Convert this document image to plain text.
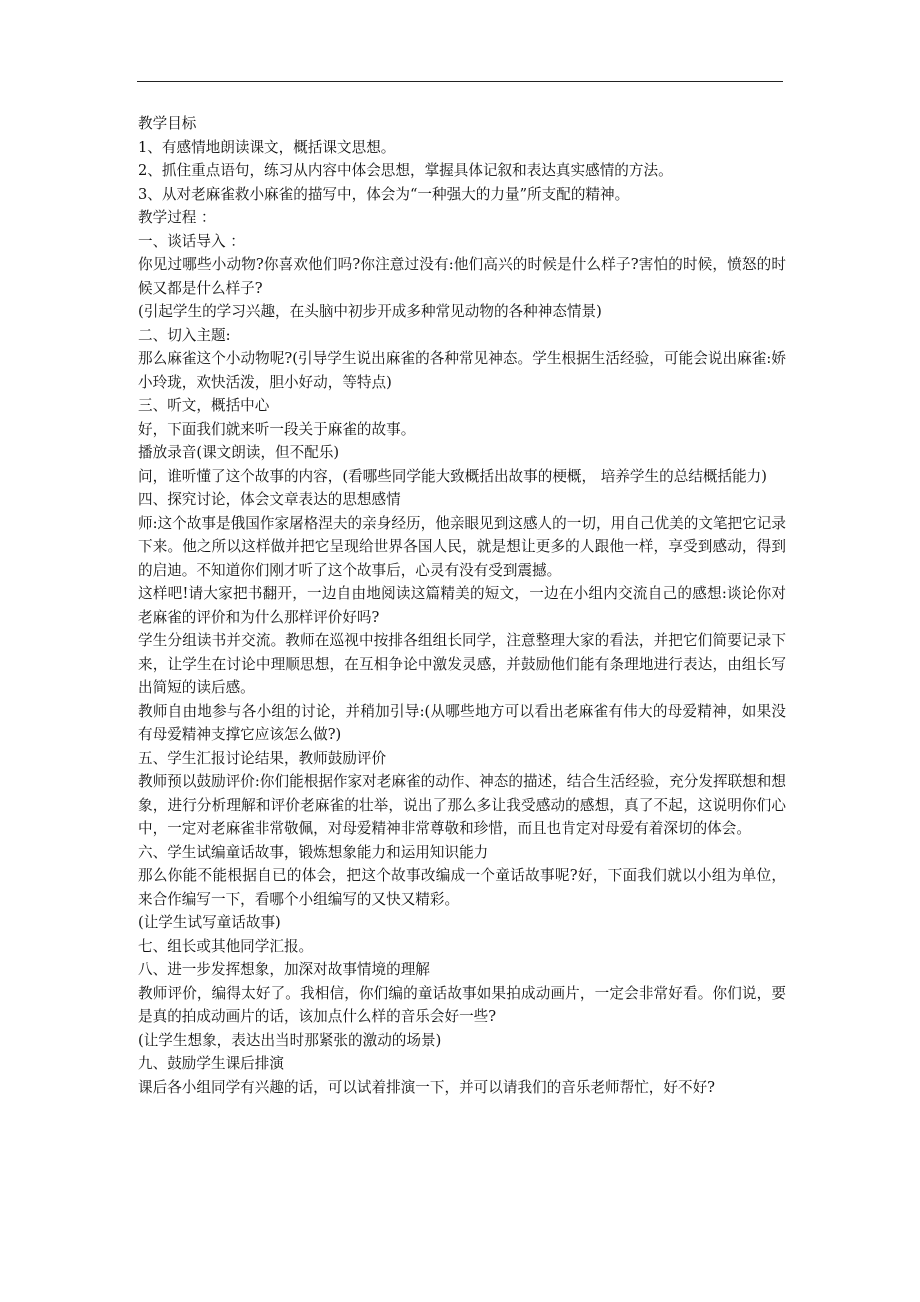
教学目标

1、有感情地朗读课文，概括课文思想。

2、抓住重点语句，练习从内容中体会思想，掌握具体记叙和表达真实感情的方法。

3、从对老麻雀救小麻雀的描写中，体会为“一种强大的力量”所支配的精神。

教学过程 ：

一、谈话导入 ：

你见过哪些小动物?你喜欢他们吗?你注意过没有:他们高兴的时候是什么样子?害怕的时候，愤怒的时候又都是什么样子?

(引起学生的学习兴趣，在头脑中初步开成多种常见动物的各种神态情景)

二、切入主题:

那么麻雀这个小动物呢?(引导学生说出麻雀的各种常见神态。学生根据生活经验，可能会说出麻雀:娇小玲珑，欢快活泼，胆小好动，等特点)

三、听文，概括中心

好，下面我们就来听一段关于麻雀的故事。

播放录音(课文朗读，但不配乐)

问，谁听懂了这个故事的内容，(看哪些同学能大致概括出故事的梗概， 培养学生的总结概括能力)

四、探究讨论，体会文章表达的思想感情

师:这个故事是俄国作家屠格涅夫的亲身经历，他亲眼见到这感人的一切，用自己优美的文笔把它记录下来。他之所以这样做并把它呈现给世界各国人民，就是想让更多的人跟他一样，享受到感动，得到的启迪。不知道你们刚才听了这个故事后，心灵有没有受到震撼。

这样吧!请大家把书翻开，一边自由地阅读这篇精美的短文，一边在小组内交流自己的感想:谈论你对老麻雀的评价和为什么那样评价好吗?

学生分组读书并交流。教师在巡视中按排各组组长同学，注意整理大家的看法，并把它们简要记录下来，让学生在讨论中理顺思想，在互相争论中激发灵感，并鼓励他们能有条理地进行表达，由组长写出简短的读后感。

教师自由地参与各小组的讨论，并稍加引导:(从哪些地方可以看出老麻雀有伟大的母爱精神，如果没有母爱精神支撑它应该怎么做?)

五、学生汇报讨论结果，教师鼓励评价

教师预以鼓励评价:你们能根据作家对老麻雀的动作、神态的描述，结合生活经验，充分发挥联想和想象，进行分析理解和评价老麻雀的壮举，说出了那么多让我受感动的感想，真了不起，这说明你们心中，一定对老麻雀非常敬佩，对母爱精神非常尊敬和珍惜，而且也肯定对母爱有着深切的体会。

六、学生试编童话故事，锻炼想象能力和运用知识能力

那么你能不能根据自已的体会，把这个故事改编成一个童话故事呢?好，下面我们就以小组为单位，来合作编写一下，看哪个小组编写的又快又精彩。

(让学生试写童话故事)

七、组长或其他同学汇报。

八、进一步发挥想象，加深对故事情境的理解

教师评价，编得太好了。我相信，你们编的童话故事如果拍成动画片，一定会非常好看。你们说，要是真的拍成动画片的话，该加点什么样的音乐会好一些?

(让学生想象，表达出当时那紧张的激动的场景)

九、鼓励学生课后排演

课后各小组同学有兴趣的话，可以试着排演一下，并可以请我们的音乐老师帮忙，好不好?
